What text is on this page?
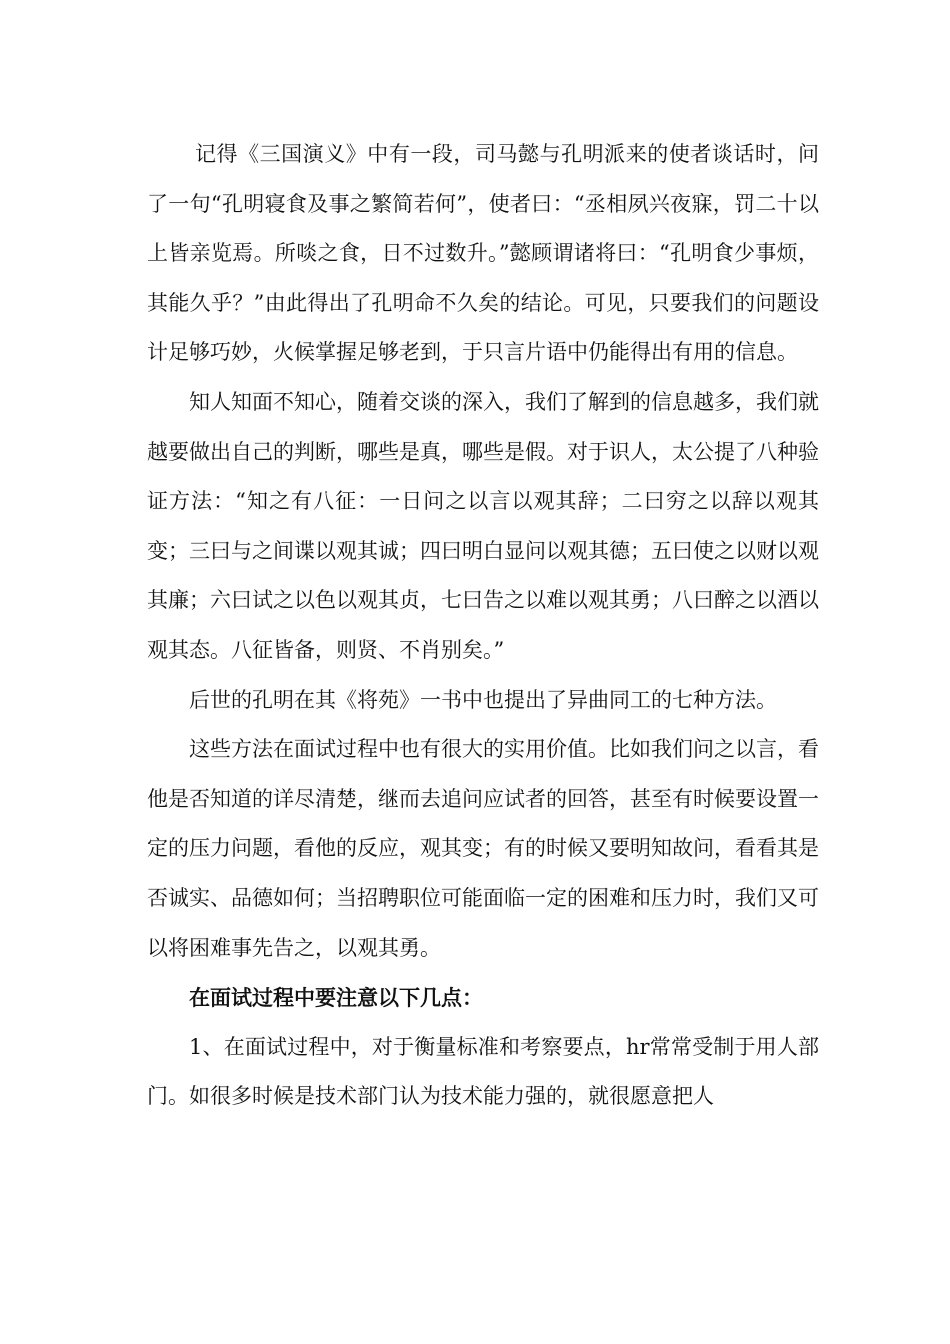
记得《三国演义》中有一段，司马懿与孔明派来的使者谈话时，问了一句“孔明寝食及事之繁简若何”，使者曰：“丞相夙兴夜寐，罚二十以上皆亲览焉。所啖之食，日不过数升。”懿顾谓诸将曰：“孔明食少事烦，其能久乎？”由此得出了孔明命不久矣的结论。可见，只要我们的问题设计足够巧妙，火候掌握足够老到，于只言片语中仍能得出有用的信息。

知人知面不知心，随着交谈的深入，我们了解到的信息越多，我们就越要做出自己的判断，哪些是真，哪些是假。对于识人，太公提了八种验证方法：“知之有八征：一日问之以言以观其辞；二曰穷之以辞以观其变；三曰与之间谍以观其诚；四曰明白显问以观其德；五曰使之以财以观其廉；六曰试之以色以观其贞，七曰告之以难以观其勇；八曰醉之以酒以观其态。八征皆备，则贤、不肖别矣。”

后世的孔明在其《将苑》一书中也提出了异曲同工的七种方法。

这些方法在面试过程中也有很大的实用价值。比如我们问之以言，看他是否知道的详尽清楚，继而去追问应试者的回答，甚至有时候要设置一定的压力问题，看他的反应，观其变；有的时候又要明知故问，看看其是否诚实、品德如何；当招聘职位可能面临一定的困难和压力时，我们又可以将困难事先告之，以观其勇。

在面试过程中要注意以下几点：

1、在面试过程中，对于衡量标准和考察要点，hr常常受制于用人部门。如很多时候是技术部门认为技术能力强的，就很愿意把人
